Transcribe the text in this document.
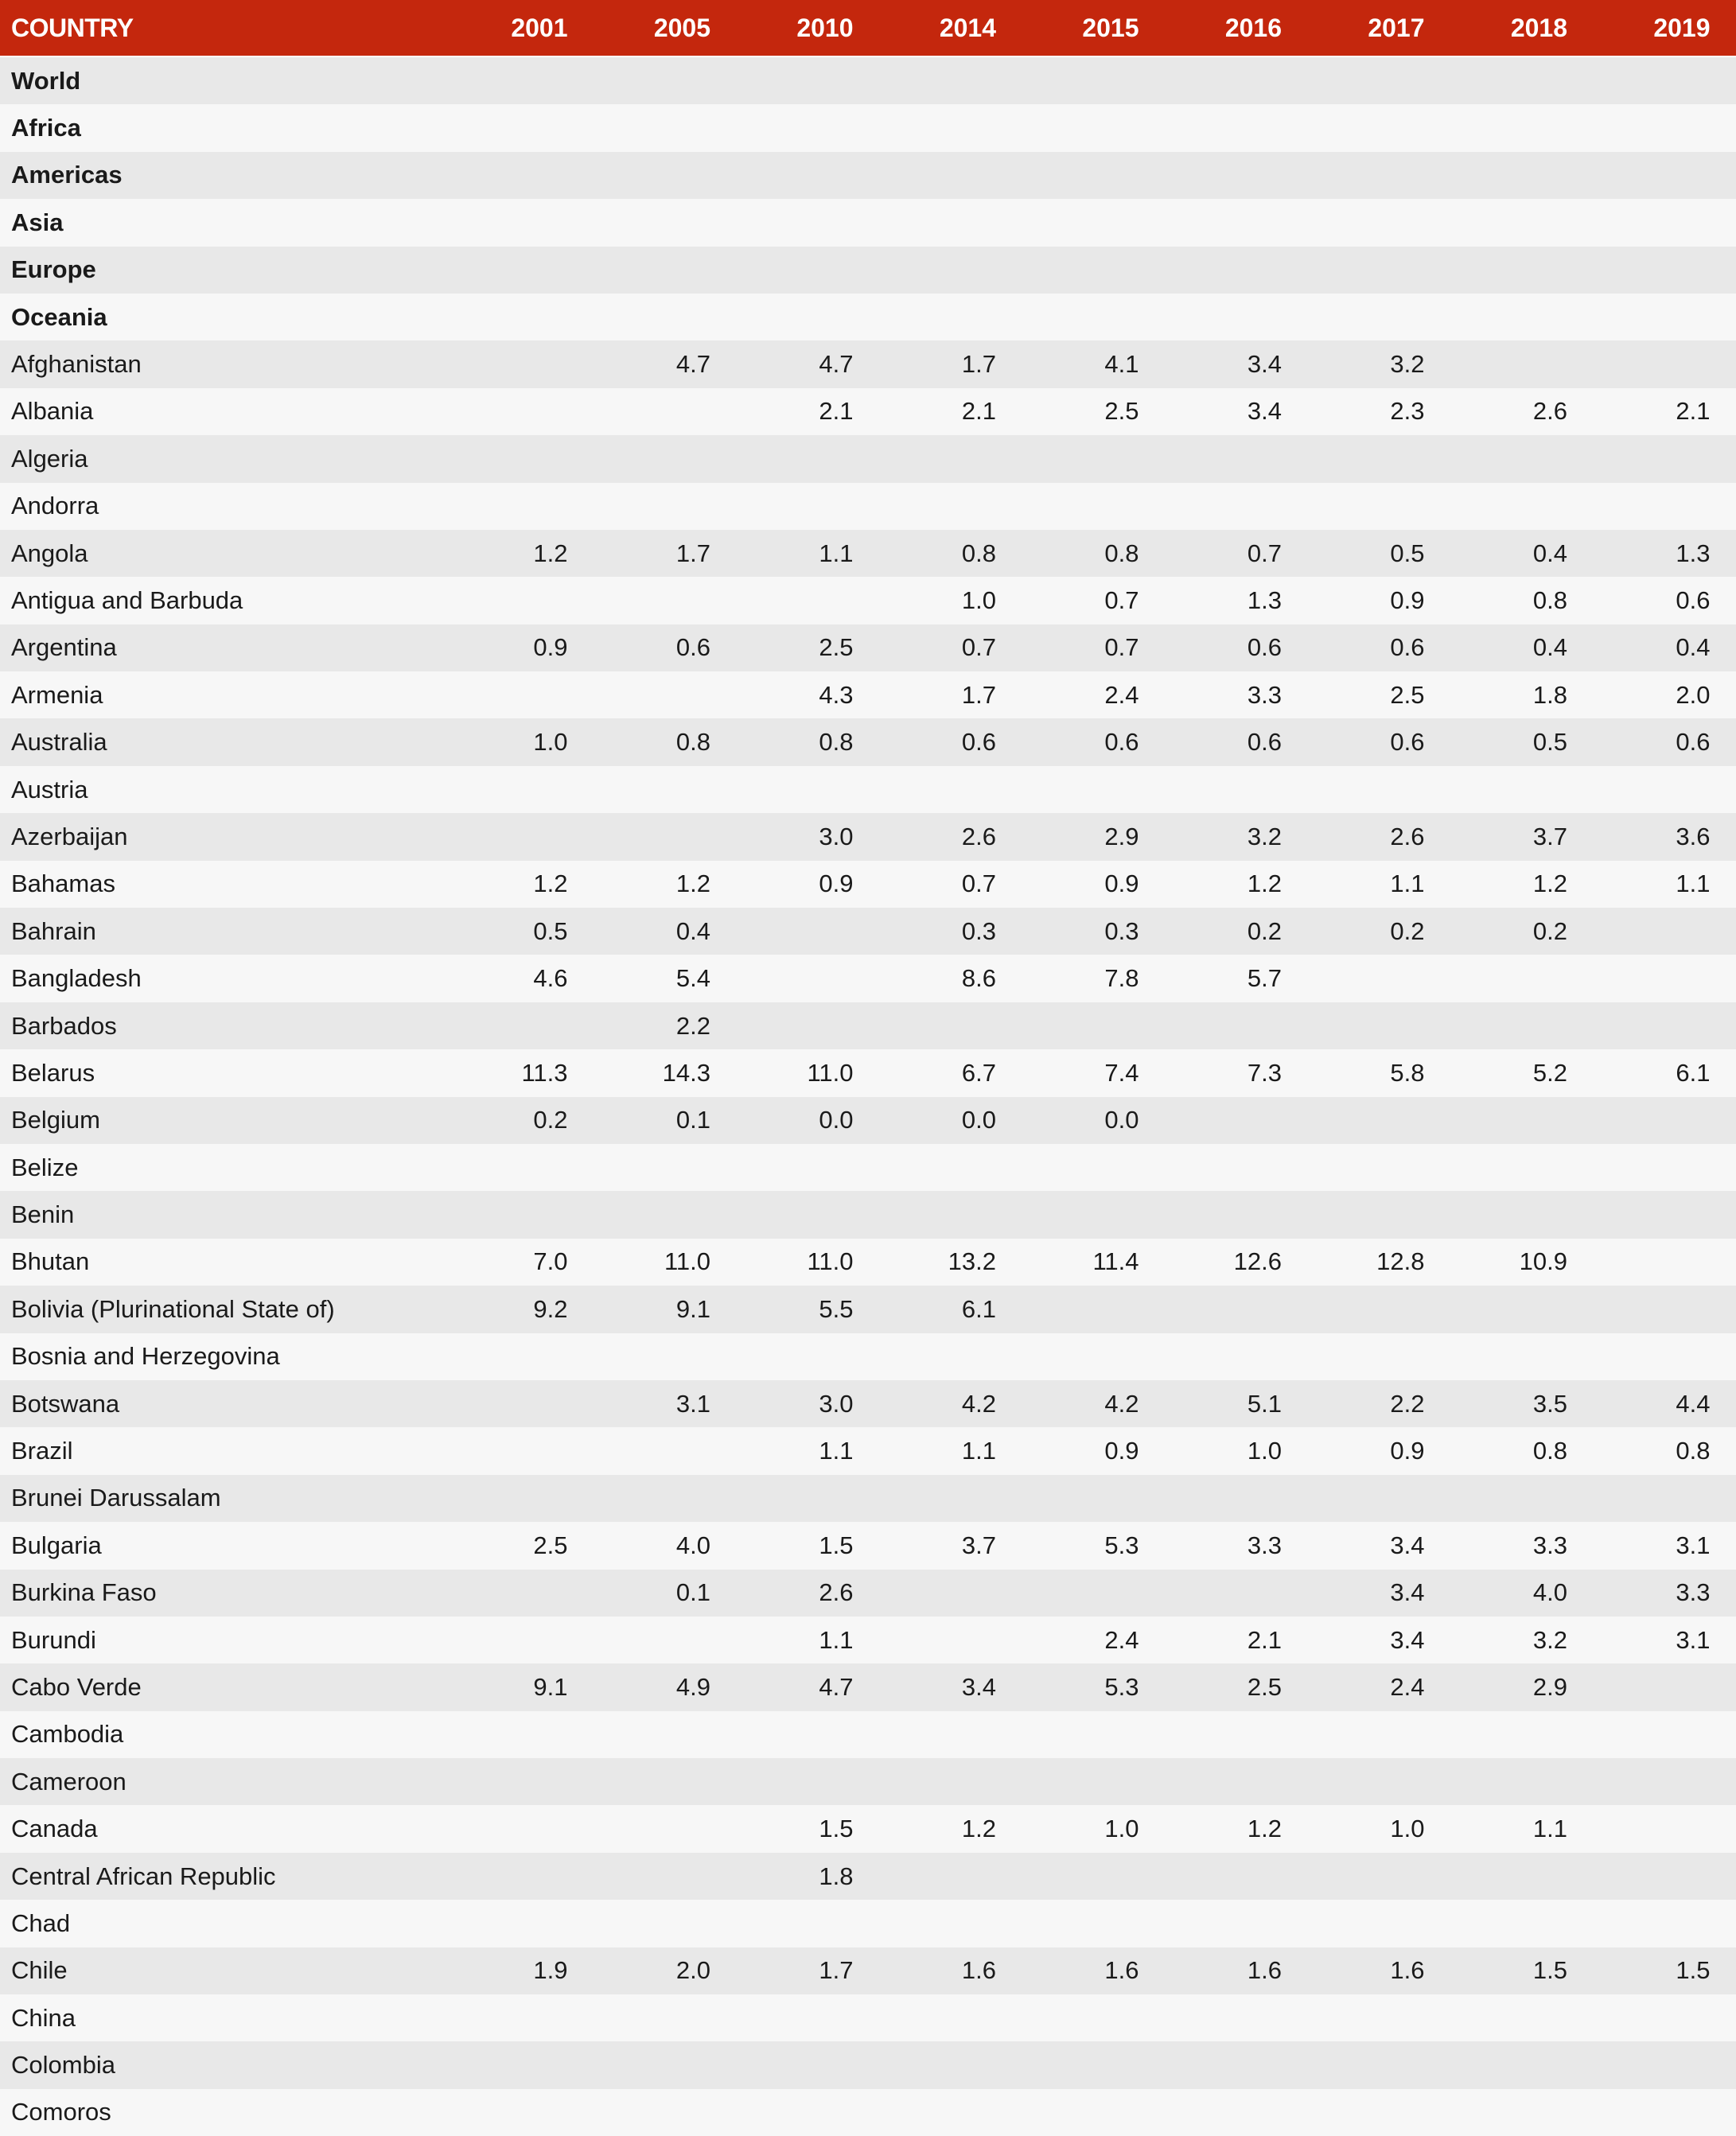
COUNTRY	2001	2005	2010	2014	2015	2016	2017	2018	2019
World									
Africa									
Americas									
Asia									
Europe									
Oceania									
Afghanistan		4.7	4.7	1.7	4.1	3.4	3.2		
Albania			2.1	2.1	2.5	3.4	2.3	2.6	2.1
Algeria									
Andorra									
Angola	1.2	1.7	1.1	0.8	0.8	0.7	0.5	0.4	1.3
Antigua and Barbuda				1.0	0.7	1.3	0.9	0.8	0.6
Argentina	0.9	0.6	2.5	0.7	0.7	0.6	0.6	0.4	0.4
Armenia			4.3	1.7	2.4	3.3	2.5	1.8	2.0
Australia	1.0	0.8	0.8	0.6	0.6	0.6	0.6	0.5	0.6
Austria									
Azerbaijan			3.0	2.6	2.9	3.2	2.6	3.7	3.6
Bahamas	1.2	1.2	0.9	0.7	0.9	1.2	1.1	1.2	1.1
Bahrain	0.5	0.4		0.3	0.3	0.2	0.2	0.2	
Bangladesh	4.6	5.4		8.6	7.8	5.7			
Barbados		2.2							
Belarus	11.3	14.3	11.0	6.7	7.4	7.3	5.8	5.2	6.1
Belgium	0.2	0.1	0.0	0.0	0.0				
Belize									
Benin									
Bhutan	7.0	11.0	11.0	13.2	11.4	12.6	12.8	10.9	
Bolivia (Plurinational State of)	9.2	9.1	5.5	6.1					
Bosnia and Herzegovina									
Botswana		3.1	3.0	4.2	4.2	5.1	2.2	3.5	4.4
Brazil			1.1	1.1	0.9	1.0	0.9	0.8	0.8
Brunei Darussalam									
Bulgaria	2.5	4.0	1.5	3.7	5.3	3.3	3.4	3.3	3.1
Burkina Faso		0.1	2.6				3.4	4.0	3.3
Burundi			1.1		2.4	2.1	3.4	3.2	3.1
Cabo Verde	9.1	4.9	4.7	3.4	5.3	2.5	2.4	2.9	
Cambodia									
Cameroon									
Canada			1.5	1.2	1.0	1.2	1.0	1.1	
Central African Republic			1.8						
Chad									
Chile	1.9	2.0	1.7	1.6	1.6	1.6	1.6	1.5	1.5
China									
Colombia									
Comoros									
